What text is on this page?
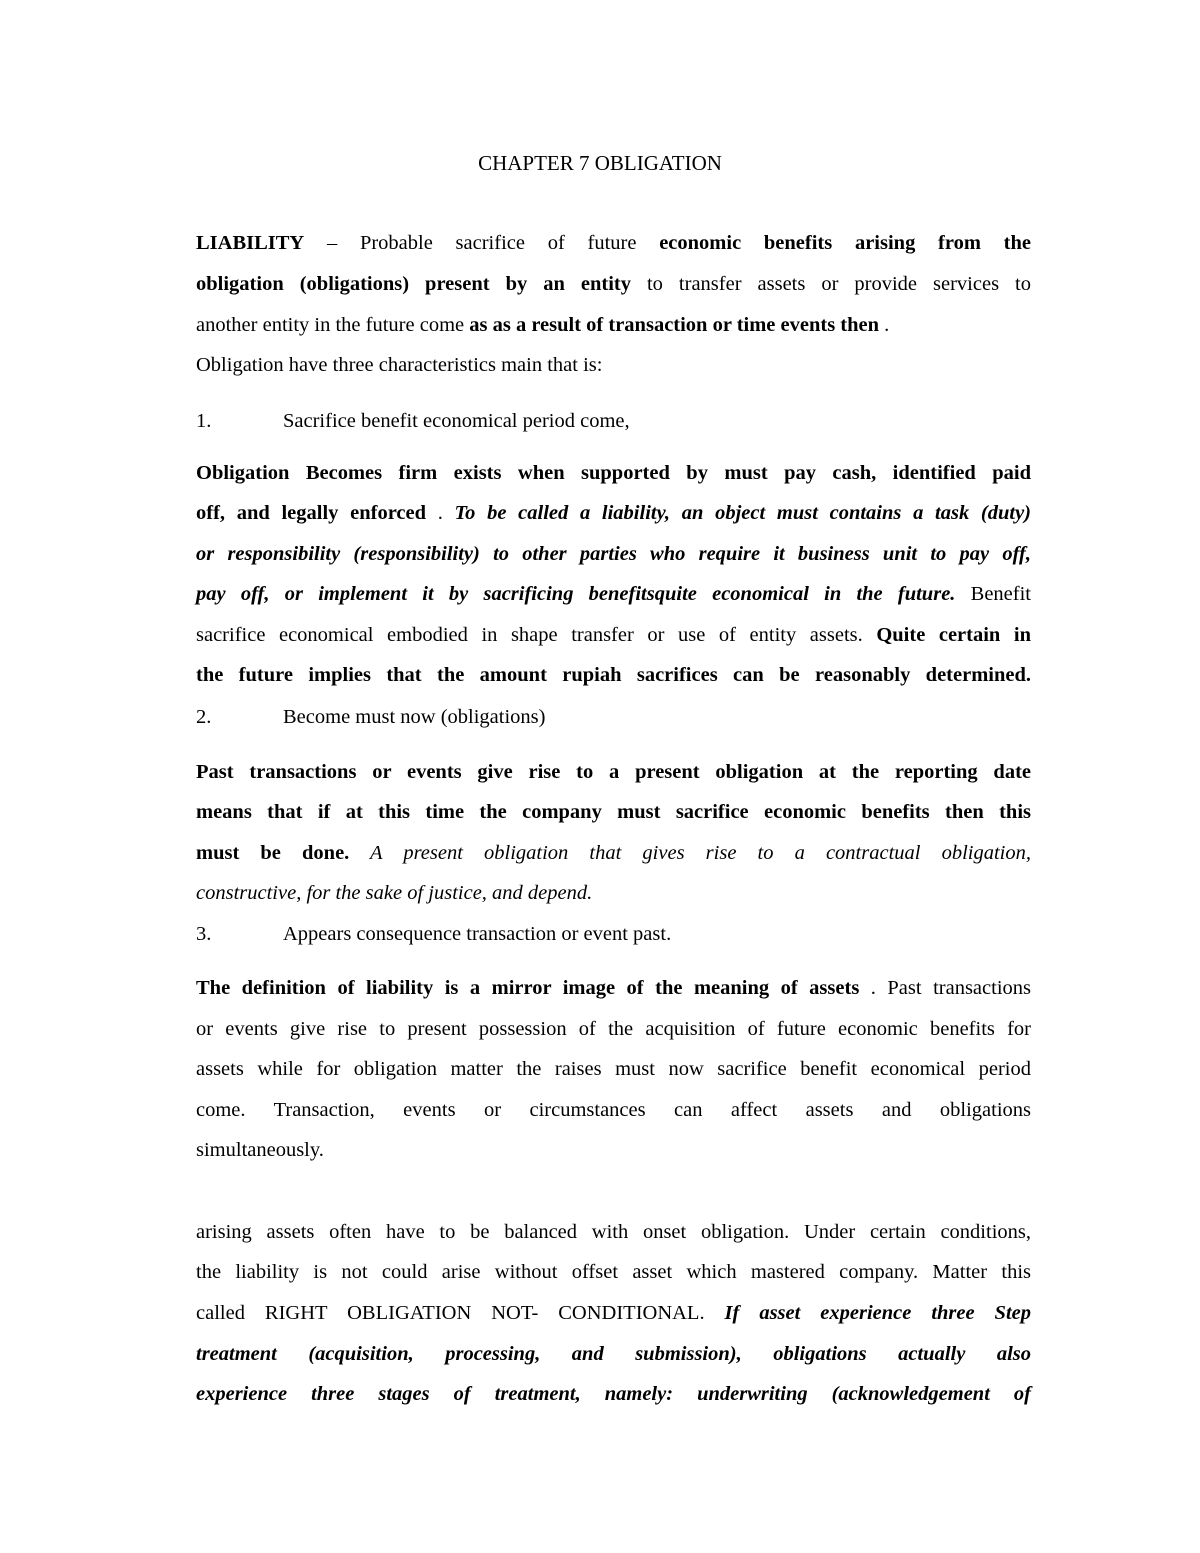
CHAPTER 7 OBLIGATION
LIABILITY – Probable sacrifice of future economic benefits arising from the
obligation (obligations) present by an entity to transfer assets or provide services to
another entity in the future come as as a result of transaction or time events then .
Obligation have three characteristics main that is:
1.	Sacrifice benefit economical period come,
Obligation Becomes firm exists when supported by must pay cash, identified paid
off, and legally enforced . To be called a liability, an object must contains a task (duty)
or responsibility (responsibility) to other parties who require it business unit to pay off,
pay off, or implement it by sacrificing benefitsquite economical in the future. Benefit
sacrifice economical embodied in shape transfer or use of entity assets. Quite certain in
the future implies that the amount rupiah sacrifices can be reasonably determined.
2.	Become must now (obligations)
Past transactions or events give rise to a present obligation at the reporting date
means that if at this time the company must sacrifice economic benefits then this
must be done. A present obligation that gives rise to a contractual obligation,
constructive, for the sake of justice, and depend.
3.	Appears consequence transaction or event past.
The definition of liability is a mirror image of the meaning of assets . Past transactions
or events give rise to present possession of the acquisition of future economic benefits for
assets while for obligation matter the raises must now sacrifice benefit economical period
come. Transaction, events or circumstances can affect assets and obligations
simultaneously.
arising assets often have to be balanced with onset obligation. Under certain conditions,
the liability is not could arise without offset asset which mastered company. Matter this
called RIGHT OBLIGATION NOT- CONDITIONAL. If asset experience three Step
treatment (acquisition, processing, and submission), obligations actually also
experience three stages of treatment, namely: underwriting (acknowledgement of
